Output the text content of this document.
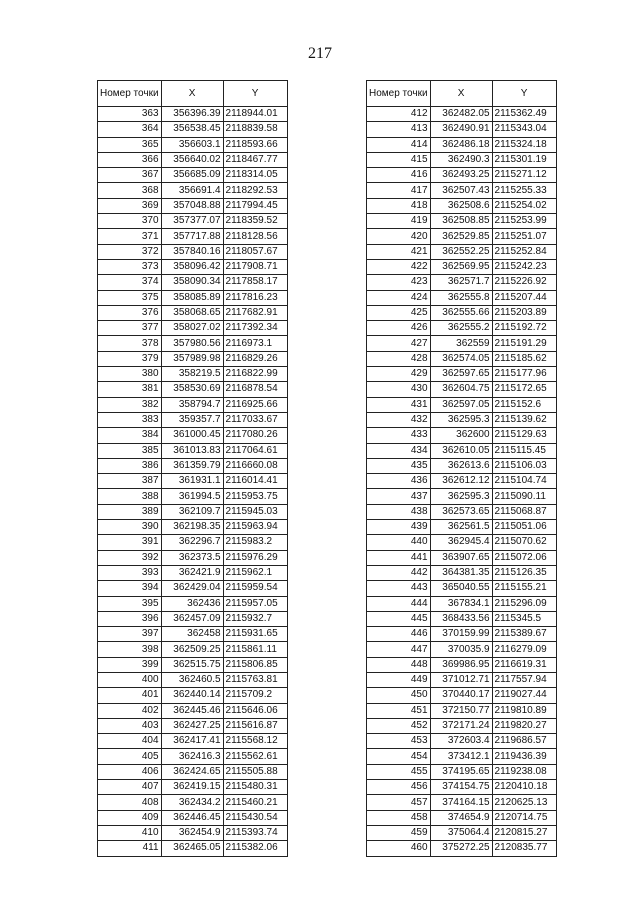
217
Номер точки	X	Y
363	356396.39	2118944.01
364	356538.45	2118839.58
365	356603.1	2118593.66
366	356640.02	2118467.77
367	356685.09	2118314.05
368	356691.4	2118292.53
369	357048.88	2117994.45
370	357377.07	2118359.52
371	357717.88	2118128.56
372	357840.16	2118057.67
373	358096.42	2117908.71
374	358090.34	2117858.17
375	358085.89	2117816.23
376	358068.65	2117682.91
377	358027.02	2117392.34
378	357980.56	2116973.1
379	357989.98	2116829.26
380	358219.5	2116822.99
381	358530.69	2116878.54
382	358794.7	2116925.66
383	359357.7	2117033.67
384	361000.45	2117080.26
385	361013.83	2117064.61
386	361359.79	2116660.08
387	361931.1	2116014.41
388	361994.5	2115953.75
389	362109.7	2115945.03
390	362198.35	2115963.94
391	362296.7	2115983.2
392	362373.5	2115976.29
393	362421.9	2115962.1
394	362429.04	2115959.54
395	362436	2115957.05
396	362457.09	2115932.7
397	362458	2115931.65
398	362509.25	2115861.11
399	362515.75	2115806.85
400	362460.5	2115763.81
401	362440.14	2115709.2
402	362445.46	2115646.06
403	362427.25	2115616.87
404	362417.41	2115568.12
405	362416.3	2115562.61
406	362424.65	2115505.88
407	362419.15	2115480.31
408	362434.2	2115460.21
409	362446.45	2115430.54
410	362454.9	2115393.74
411	362465.05	2115382.06
Номер точки	X	Y
412	362482.05	2115362.49
413	362490.91	2115343.04
414	362486.18	2115324.18
415	362490.3	2115301.19
416	362493.25	2115271.12
417	362507.43	2115255.33
418	362508.6	2115254.02
419	362508.85	2115253.99
420	362529.85	2115251.07
421	362552.25	2115252.84
422	362569.95	2115242.23
423	362571.7	2115226.92
424	362555.8	2115207.44
425	362555.66	2115203.89
426	362555.2	2115192.72
427	362559	2115191.29
428	362574.05	2115185.62
429	362597.65	2115177.96
430	362604.75	2115172.65
431	362597.05	2115152.6
432	362595.3	2115139.62
433	362600	2115129.63
434	362610.05	2115115.45
435	362613.6	2115106.03
436	362612.12	2115104.74
437	362595.3	2115090.11
438	362573.65	2115068.87
439	362561.5	2115051.06
440	362945.4	2115070.62
441	363907.65	2115072.06
442	364381.35	2115126.35
443	365040.55	2115155.21
444	367834.1	2115296.09
445	368433.56	2115345.5
446	370159.99	2115389.67
447	370035.9	2116279.09
448	369986.95	2116619.31
449	371012.71	2117557.94
450	370440.17	2119027.44
451	372150.77	2119810.89
452	372171.24	2119820.27
453	372603.4	2119686.57
454	373412.1	2119436.39
455	374195.65	2119238.08
456	374154.75	2120410.18
457	374164.15	2120625.13
458	374654.9	2120714.75
459	375064.4	2120815.27
460	375272.25	2120835.77
